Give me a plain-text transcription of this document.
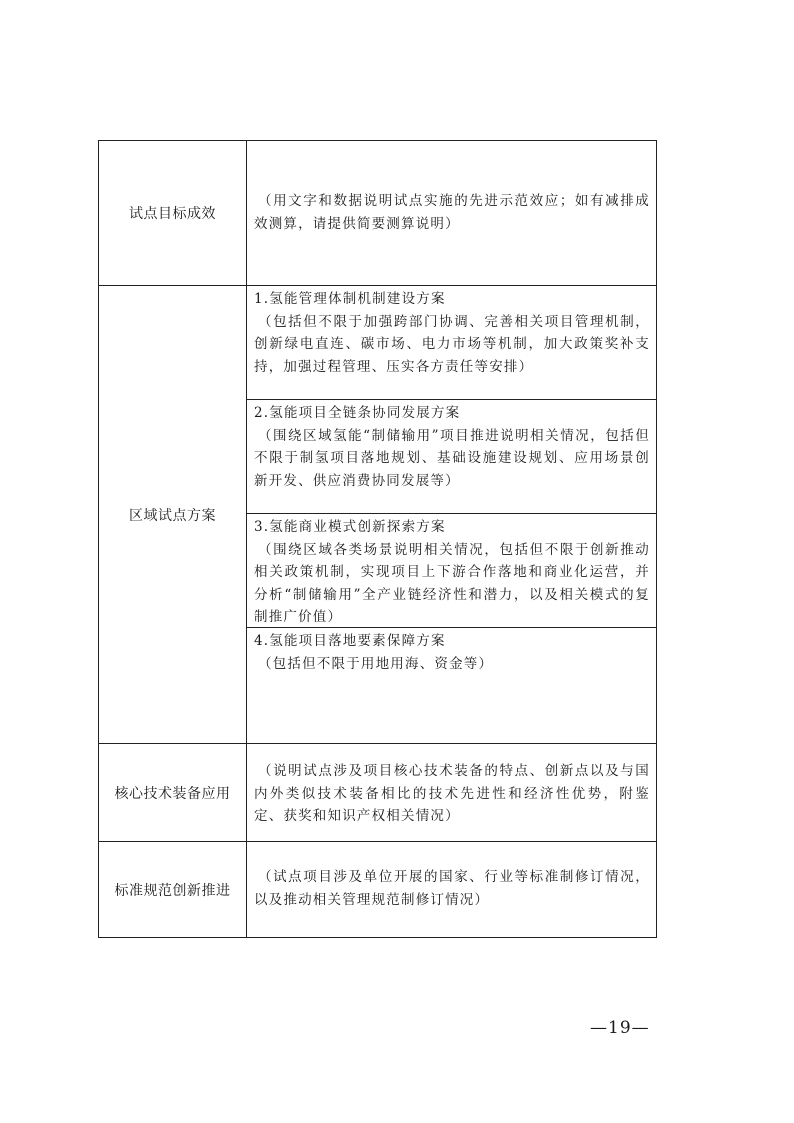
试点目标成效
（用文字和数据说明试点实施的先进示范效应；如有减排成效测算，请提供简要测算说明）
区域试点方案
1.氢能管理体制机制建设方案
（包括但不限于加强跨部门协调、完善相关项目管理机制，创新绿电直连、碳市场、电力市场等机制，加大政策奖补支持，加强过程管理、压实各方责任等安排）
2.氢能项目全链条协同发展方案
（围绕区域氢能“制储输用”项目推进说明相关情况，包括但不限于制氢项目落地规划、基础设施建设规划、应用场景创新开发、供应消费协同发展等）
3.氢能商业模式创新探索方案
（围绕区域各类场景说明相关情况，包括但不限于创新推动相关政策机制，实现项目上下游合作落地和商业化运营，并分析“制储输用”全产业链经济性和潜力，以及相关模式的复制推广价值）
4.氢能项目落地要素保障方案
（包括但不限于用地用海、资金等）
核心技术装备应用
（说明试点涉及项目核心技术装备的特点、创新点以及与国内外类似技术装备相比的技术先进性和经济性优势，附鉴定、获奖和知识产权相关情况）
标准规范创新推进
（试点项目涉及单位开展的国家、行业等标准制修订情况，以及推动相关管理规范制修订情况）
—19—
